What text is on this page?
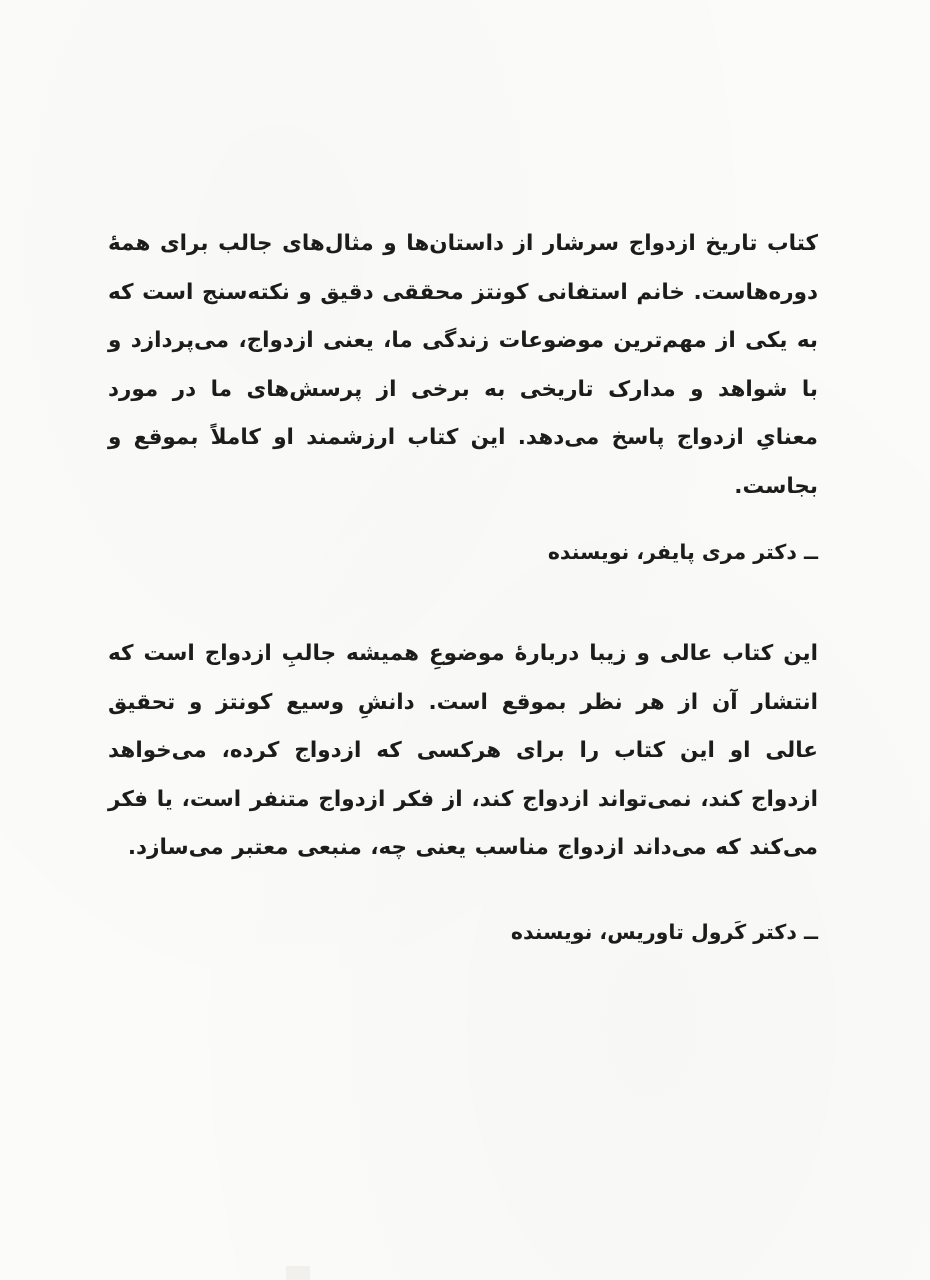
کتاب تاریخ ازدواج سرشار از داستان‌ها و مثال‌های جالب برای همهٔ دوره‌هاست. خانم استفانی کونتز محققی دقیق و نکته‌سنج است که به یکی از مهم‌ترین موضوعات زندگی ما، یعنی ازدواج، می‌پردازد و با شواهد و مدارک تاریخی به برخی از پرسش‌های ما در مورد معنایِ ازدواج پاسخ می‌دهد. این کتاب ارزشمند او کاملاً بموقع و بجاست.

ــ دکتر مری پایفر، نویسنده

این کتاب عالی و زیبا دربارهٔ موضوعِ همیشه جالبِ ازدواج است که انتشار آن از هر نظر بموقع است. دانشِ وسیع کونتز و تحقیق عالی او این کتاب را برای هرکسی که ازدواج کرده، می‌خواهد ازدواج کند، نمی‌تواند ازدواج کند، از فکر ازدواج متنفر است، یا فکر می‌کند که می‌داند ازدواج مناسب یعنی چه، منبعی معتبر می‌سازد.

ــ دکتر کَرول تاوریس، نویسنده
